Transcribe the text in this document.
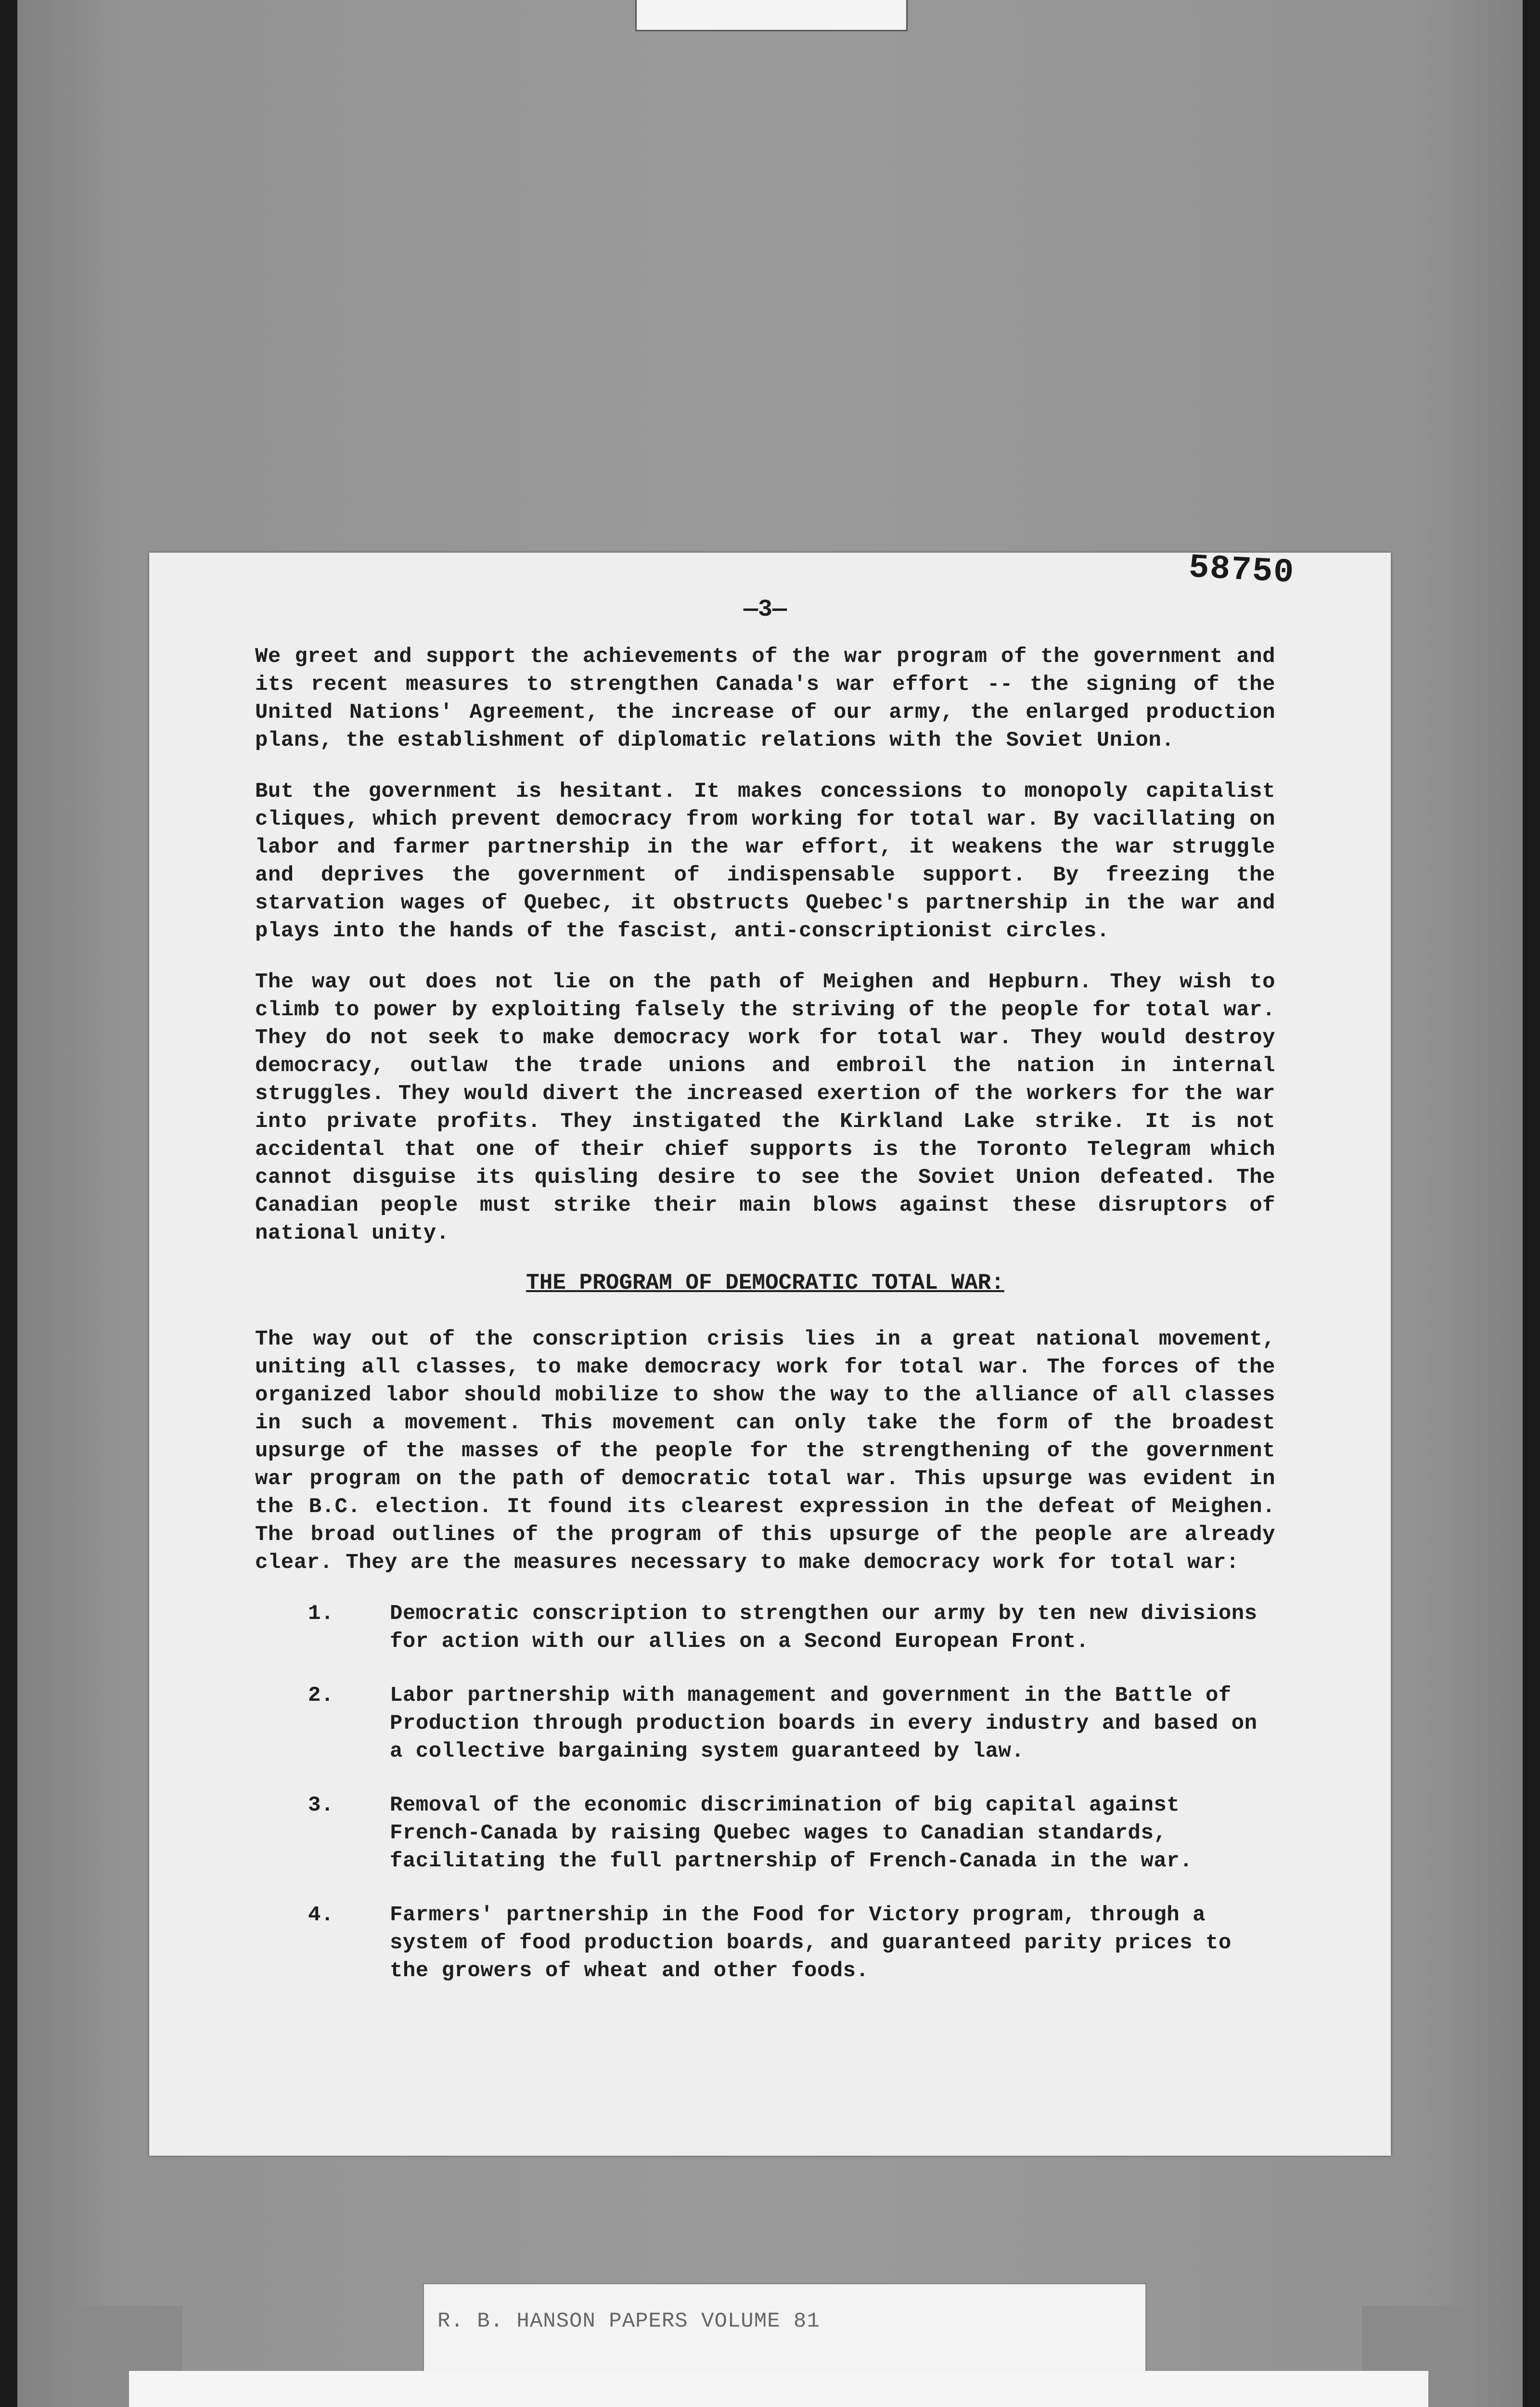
58750
—3—

We greet and support the achievements of the war program of the government and its recent measures to strengthen Canada's war effort -- the signing of the United Nations' Agreement, the increase of our army, the enlarged production plans, the establishment of diplomatic relations with the Soviet Union.

But the government is hesitant. It makes concessions to monopoly capitalist cliques, which prevent democracy from working for total war. By vacillating on labor and farmer partnership in the war effort, it weakens the war struggle and deprives the government of indispensable support. By freezing the starvation wages of Quebec, it obstructs Quebec's partnership in the war and plays into the hands of the fascist, anti-conscriptionist circles.

The way out does not lie on the path of Meighen and Hepburn. They wish to climb to power by exploiting falsely the striving of the people for total war. They do not seek to make democracy work for total war. They would destroy democracy, outlaw the trade unions and embroil the nation in internal struggles. They would divert the increased exertion of the workers for the war into private profits. They instigated the Kirkland Lake strike. It is not accidental that one of their chief supports is the Toronto Telegram which cannot disguise its quisling desire to see the Soviet Union defeated. The Canadian people must strike their main blows against these disruptors of national unity.

THE PROGRAM OF DEMOCRATIC TOTAL WAR:

The way out of the conscription crisis lies in a great national movement, uniting all classes, to make democracy work for total war. The forces of the organized labor should mobilize to show the way to the alliance of all classes in such a movement. This movement can only take the form of the broadest upsurge of the masses of the people for the strengthening of the government war program on the path of democratic total war. This upsurge was evident in the B.C. election. It found its clearest expression in the defeat of Meighen. The broad outlines of the program of this upsurge of the people are already clear. They are the measures necessary to make democracy work for total war:

1.	Democratic conscription to strengthen our army by ten new divisions for action with our allies on a Second European Front.
2.	Labor partnership with management and government in the Battle of Production through production boards in every industry and based on a collective bargaining system guaranteed by law.
3.	Removal of the economic discrimination of big capital against French-Canada by raising Quebec wages to Canadian standards, facilitating the full partnership of French-Canada in the war.
4.	Farmers' partnership in the Food for Victory program, through a system of food production boards, and guaranteed parity prices to the growers of wheat and other foods.
R. B. HANSON PAPERS VOLUME 81
